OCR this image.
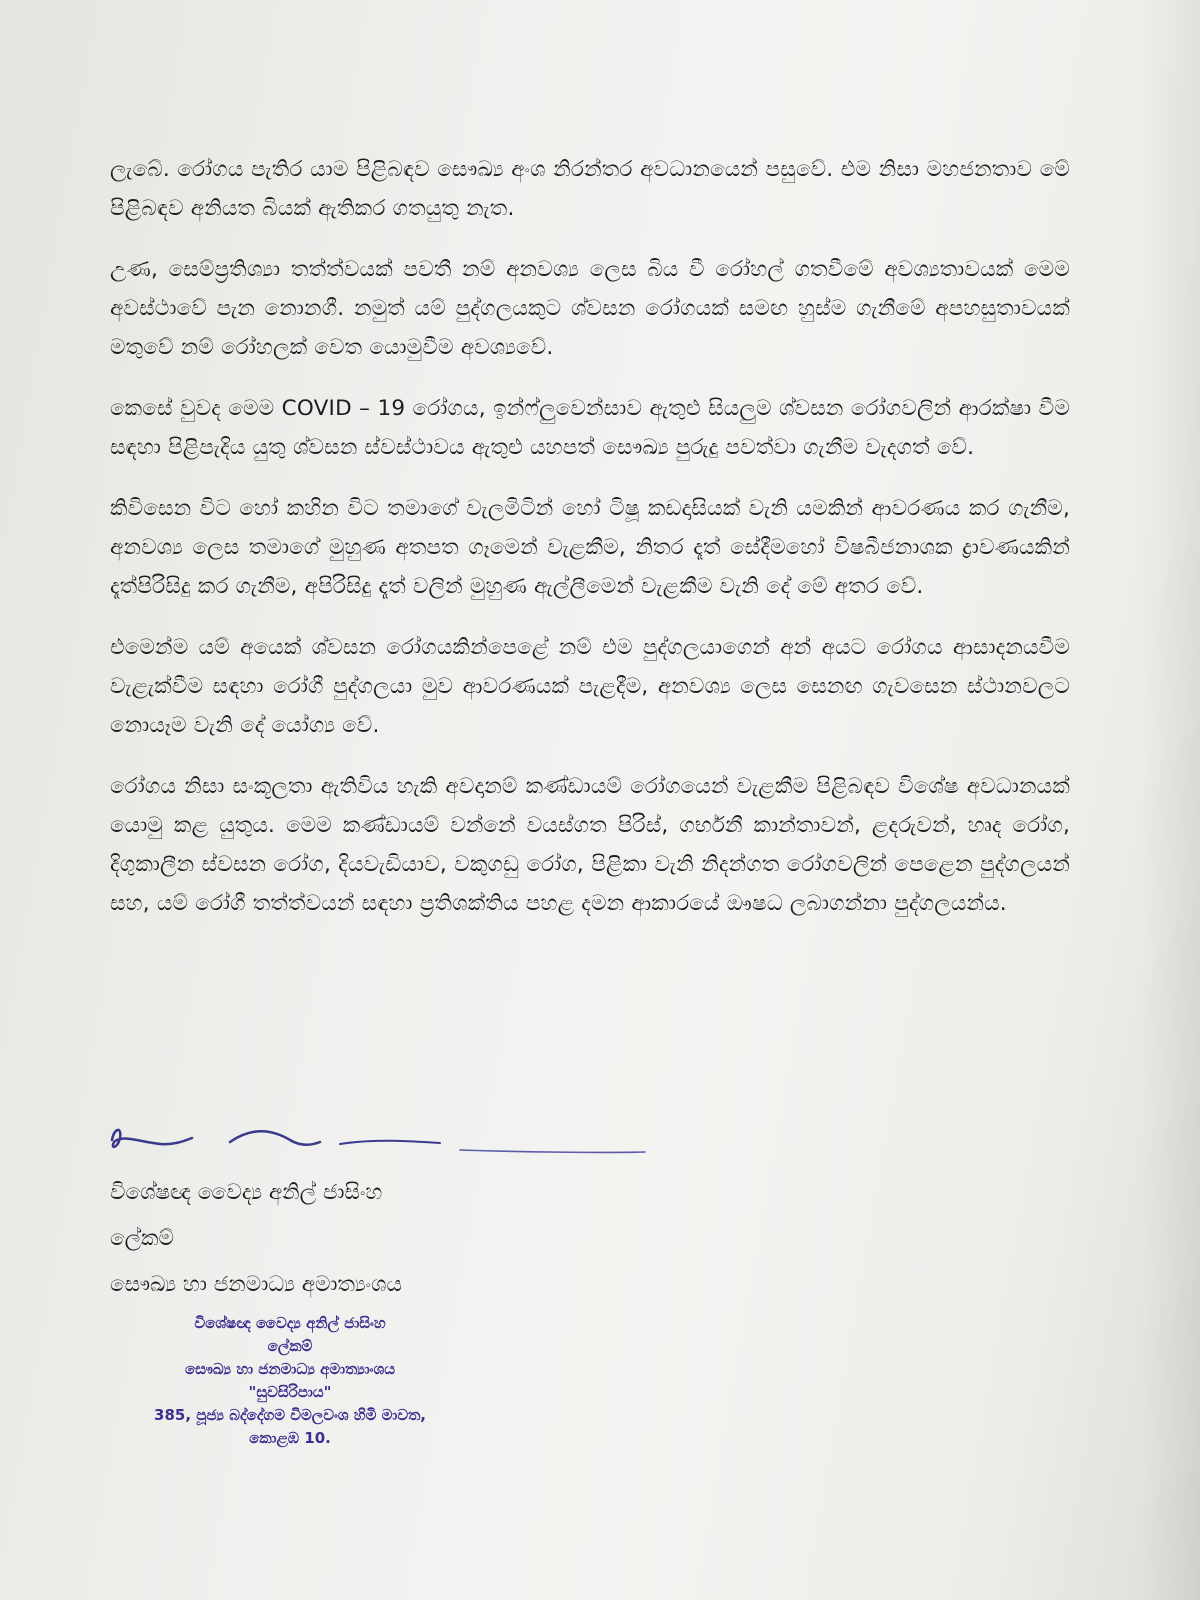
ලැබේ. රෝගය පැතිර යාම පිළිබඳව සෞඛ්‍ය අංශ නිරන්තර අවධානයෙන් පසුවේ. එම නිසා මහජනතාව මේ පිළිබඳව අනියත බියක් ඇතිකර ගතයුතු නැත.

උණ, සෙම්ප්‍රතිශ්‍යා තත්ත්වයක් පවතී නම් අනවශ්‍ය ලෙස බිය වී රෝහල් ගතවීමේ අවශ්‍යතාවයක් මෙම අවස්ථාවේ පැන නොනගී. නමුත් යම් පුද්ගලයකුට ශ්වසන රෝගයක් සමඟ හුස්ම ගැනීමේ අපහසුතාවයක් මතුවේ නම් රෝහලක් වෙත යොමුවීම අවශ්‍යවේ.

කෙසේ වුවද මෙම COVID – 19 රෝගය, ඉන්ෆ්ලුවෙන්සාව ඇතුළු සියලුම ශ්වසන රෝගවලින් ආරක්ෂා වීම සඳහා පිළිපැදිය යුතු ශ්වසන ස්වස්ථාවය ඇතුළු යහපත් සෞඛ්‍ය පුරුදු පවත්වා ගැනීම වැදගත් වේ.

කිවිසෙන විට හෝ කහින විට තමාගේ වැලමිටින් හෝ ටිෂූ කඩදාසියක් වැනි යමකින් ආවරණය කර ගැනීම, අනවශ්‍ය ලෙස තමාගේ මුහුණ අතපත ගෑමෙන් වැළකීම, නිතර දෑත් සේදීමහෝ විෂබීජනාශක ද්‍රාවණයකින් දෑත්පිරිසිදු කර ගැනීම, අපිරිසිදු දෑත් වලින් මුහුණ ඇල්ලීමෙන් වැළකීම වැනි දේ මේ අතර වේ.

එමෙන්ම යම් අයෙක් ශ්වසන රෝගයකින්පෙළේ නම් එම පුද්ගලයාගෙන් අන් අයට රෝගය ආසාදනයවීම වැළැක්වීම සඳහා රෝගී පුද්ගලයා මුව ආවරණයක් පැළදීම, අනවශ්‍ය ලෙස සෙනඟ ගැවසෙන ස්ථානවලට නොයෑම වැනි දේ යෝග්‍ය වේ.

රෝගය නිසා සංකූලතා ඇතිවිය හැකි අවදානම් කණ්ඩායම් රෝගයෙන් වැළකීම පිළිබඳව විශේෂ අවධානයක් යොමු කළ යුතුය. මෙම කණ්ඩායම් වන්නේ වයස්ගත පිරිස්, ගර්භනී කාන්තාවන්, ළදරුවන්, හෘද රෝග, දිගුකාලීන ස්වසන රෝග, දියවැඩියාව, වකුගඩු රෝග, පිළිකා වැනි නිදන්ගත රෝගවලින් පෙළෙන පුද්ගලයන් සහ, යම් රෝගී තත්ත්වයන් සඳහා ප්‍රතිශක්තිය පහළ දමන ආකාරයේ ඖෂධ ලබාගන්නා පුද්ගලයන්ය.

විශේෂඥ වෛද්‍ය අනිල් ජාසිංහ
ලේකම්
සෞඛ්‍ය හා ජනමාධ්‍ය අමාත්‍යංශය
විශේෂඥ වෛද්‍ය අනිල් ජාසිංහ
ලේකම්
සෞඛ්‍ය හා ජනමාධ්‍ය අමාත්‍යාංශය
"සුවසිරිපාය"
385, පූජ්‍ය බද්දේගම විමලවංශ හිමි මාවත,
කොළඹ 10.
